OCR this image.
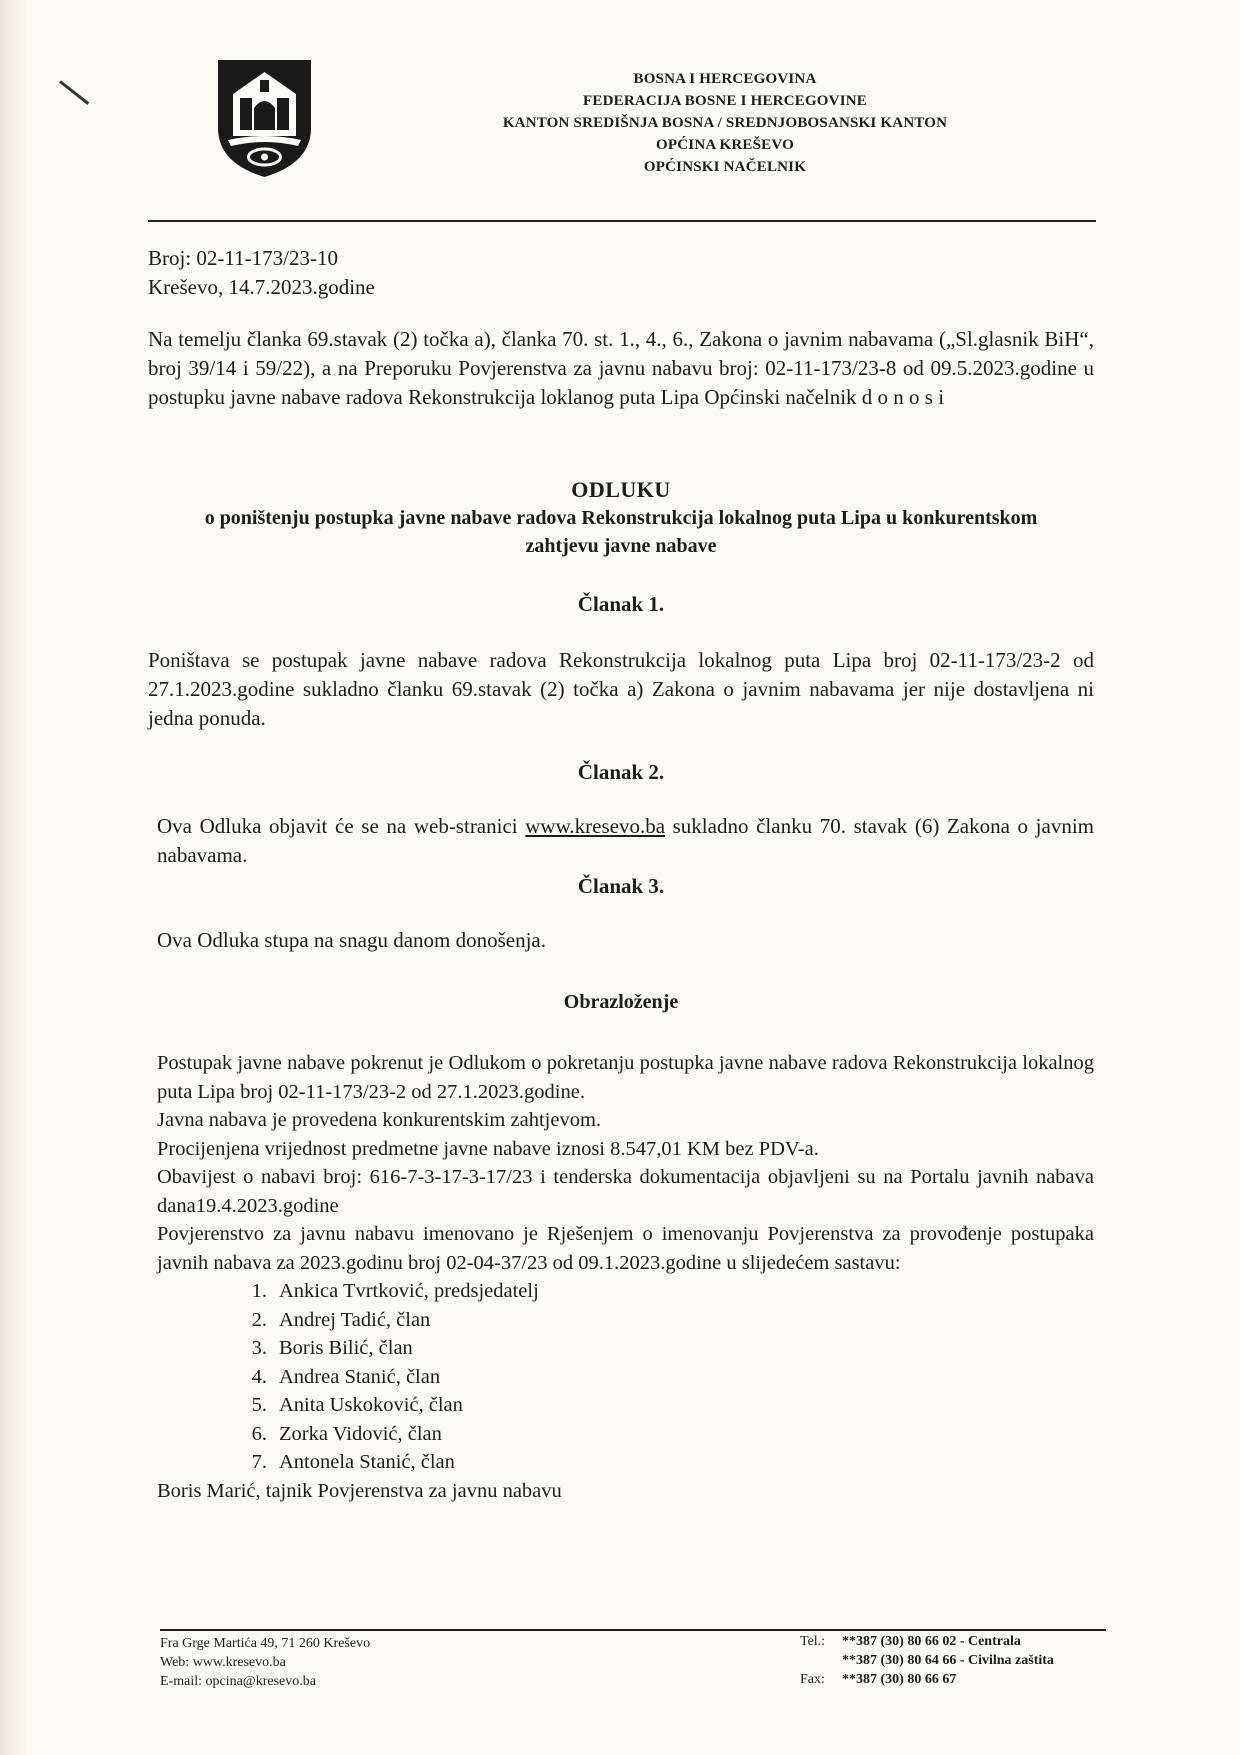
BOSNA I HERCEGOVINA
FEDERACIJA BOSNE I HERCEGOVINE
KANTON SREDIŠNJA BOSNA / SREDNJOBOSANSKI KANTON
OPĆINA KREŠEVO
OPĆINSKI NAČELNIK
Broj: 02-11-173/23-10
Kreševo, 14.7.2023.godine
Na temelju članka 69.stavak (2) točka a), članka 70. st. 1., 4., 6., Zakona o javnim nabavama („Sl.glasnik BiH“, broj 39/14 i 59/22), a na Preporuku Povjerenstva za javnu nabavu broj: 02-11-173/23-8 od 09.5.2023.godine u postupku javne nabave radova Rekonstrukcija loklanog puta Lipa Općinski načelnik d o n o s i
ODLUKU
o poništenju postupka javne nabave radova Rekonstrukcija lokalnog puta Lipa u konkurentskom zahtjevu javne nabave
Članak 1.
Poništava se postupak javne nabave radova Rekonstrukcija lokalnog puta Lipa broj 02-11-173/23-2 od 27.1.2023.godine sukladno članku 69.stavak (2) točka a) Zakona o javnim nabavama jer nije dostavljena ni jedna ponuda.
Članak 2.
Ova Odluka objavit će se na web-stranici www.kresevo.ba sukladno članku 70. stavak (6) Zakona o javnim nabavama.
Članak 3.
Ova Odluka stupa na snagu danom donošenja.
Obrazloženje
Postupak javne nabave pokrenut je Odlukom o pokretanju postupka javne nabave radova Rekonstrukcija lokalnog puta Lipa broj 02-11-173/23-2 od 27.1.2023.godine.
Javna nabava je provedena konkurentskim zahtjevom.
Procijenjena vrijednost predmetne javne nabave iznosi 8.547,01 KM bez PDV-a.
Obavijest o nabavi broj: 616-7-3-17-3-17/23 i tenderska dokumentacija objavljeni su na Portalu javnih nabava dana19.4.2023.godine
Povjerenstvo za javnu nabavu imenovano je Rješenjem o imenovanju Povjerenstva za provođenje postupaka javnih nabava za 2023.godinu broj 02-04-37/23 od 09.1.2023.godine u slijedećem sastavu:
1. Ankica Tvrtković, predsjedatelj
2. Andrej Tadić, član
3. Boris Bilić, član
4. Andrea Stanić, član
5. Anita Uskoković, član
6. Zorka Vidović, član
7. Antonela Stanić, član
Boris Marić, tajnik Povjerenstva za javnu nabavu
Fra Grge Martića 49, 71 260 Kreševo
Web: www.kresevo.ba
E-mail: opcina@kresevo.ba
Tel.: **387 (30) 80 66 02 - Centrala
**387 (30) 80 64 66 - Civilna zaštita
Fax: **387 (30) 80 66 67
